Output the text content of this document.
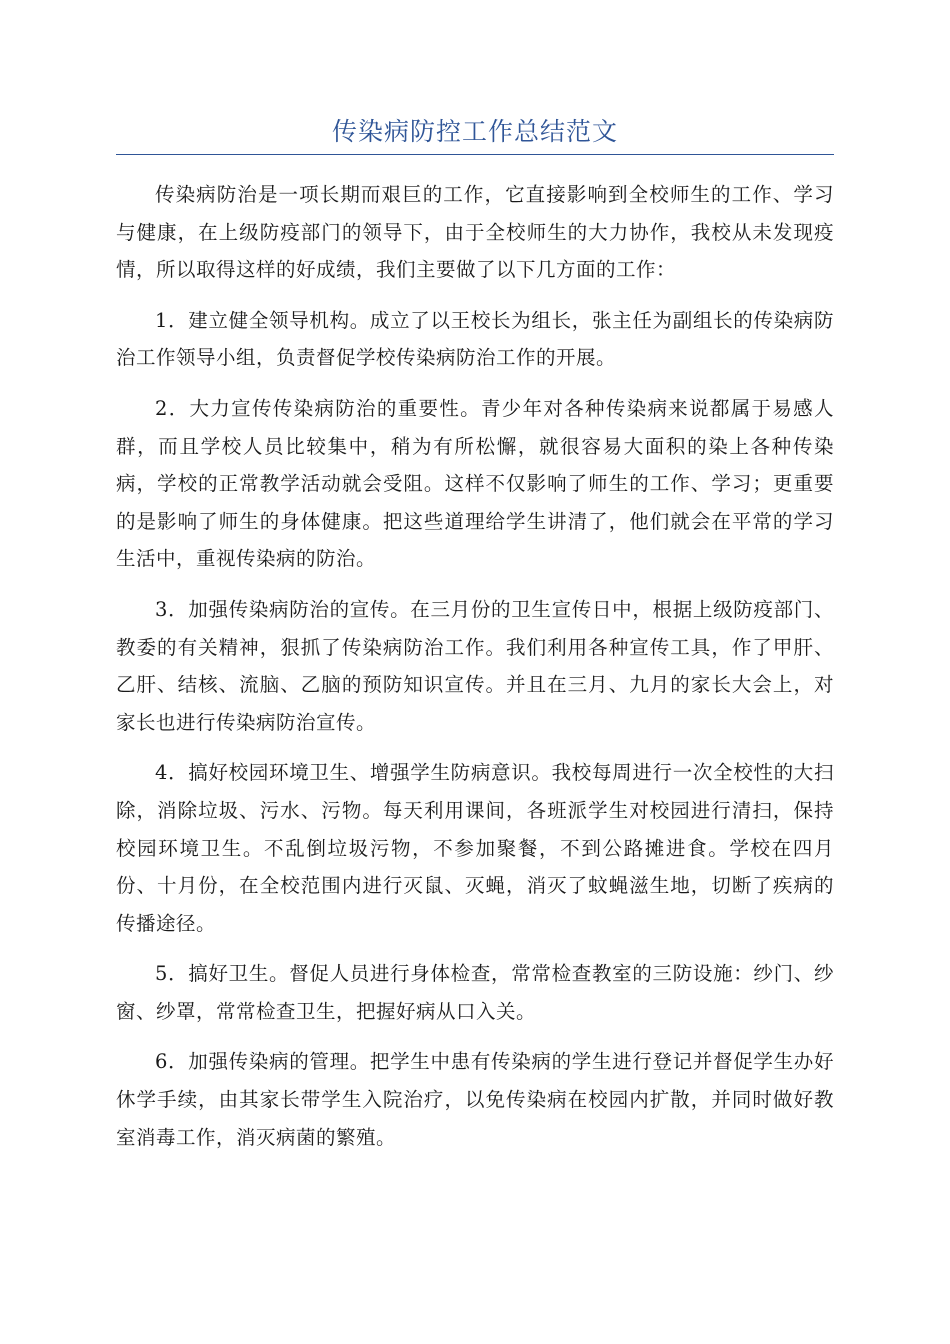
传染病防控工作总结范文

传染病防治是一项长期而艰巨的工作，它直接影响到全校师生的工作、学习与健康，在上级防疫部门的领导下，由于全校师生的大力协作，我校从未发现疫情，所以取得这样的好成绩，我们主要做了以下几方面的工作：

1．建立健全领导机构。成立了以王校长为组长，张主任为副组长的传染病防治工作领导小组，负责督促学校传染病防治工作的开展。

2．大力宣传传染病防治的重要性。青少年对各种传染病来说都属于易感人群，而且学校人员比较集中，稍为有所松懈，就很容易大面积的染上各种传染病，学校的正常教学活动就会受阻。这样不仅影响了师生的工作、学习；更重要的是影响了师生的身体健康。把这些道理给学生讲清了，他们就会在平常的学习生活中，重视传染病的防治。

3．加强传染病防治的宣传。在三月份的卫生宣传日中，根据上级防疫部门、教委的有关精神，狠抓了传染病防治工作。我们利用各种宣传工具，作了甲肝、乙肝、结核、流脑、乙脑的预防知识宣传。并且在三月、九月的家长大会上，对家长也进行传染病防治宣传。

4．搞好校园环境卫生、增强学生防病意识。我校每周进行一次全校性的大扫除，消除垃圾、污水、污物。每天利用课间，各班派学生对校园进行清扫，保持校园环境卫生。不乱倒垃圾污物，不参加聚餐，不到公路摊进食。学校在四月份、十月份，在全校范围内进行灭鼠、灭蝇，消灭了蚊蝇滋生地，切断了疾病的传播途径。

5．搞好卫生。督促人员进行身体检查，常常检查教室的三防设施：纱门、纱窗、纱罩，常常检查卫生，把握好病从口入关。

6．加强传染病的管理。把学生中患有传染病的学生进行登记并督促学生办好休学手续，由其家长带学生入院治疗，以免传染病在校园内扩散，并同时做好教室消毒工作，消灭病菌的繁殖。
